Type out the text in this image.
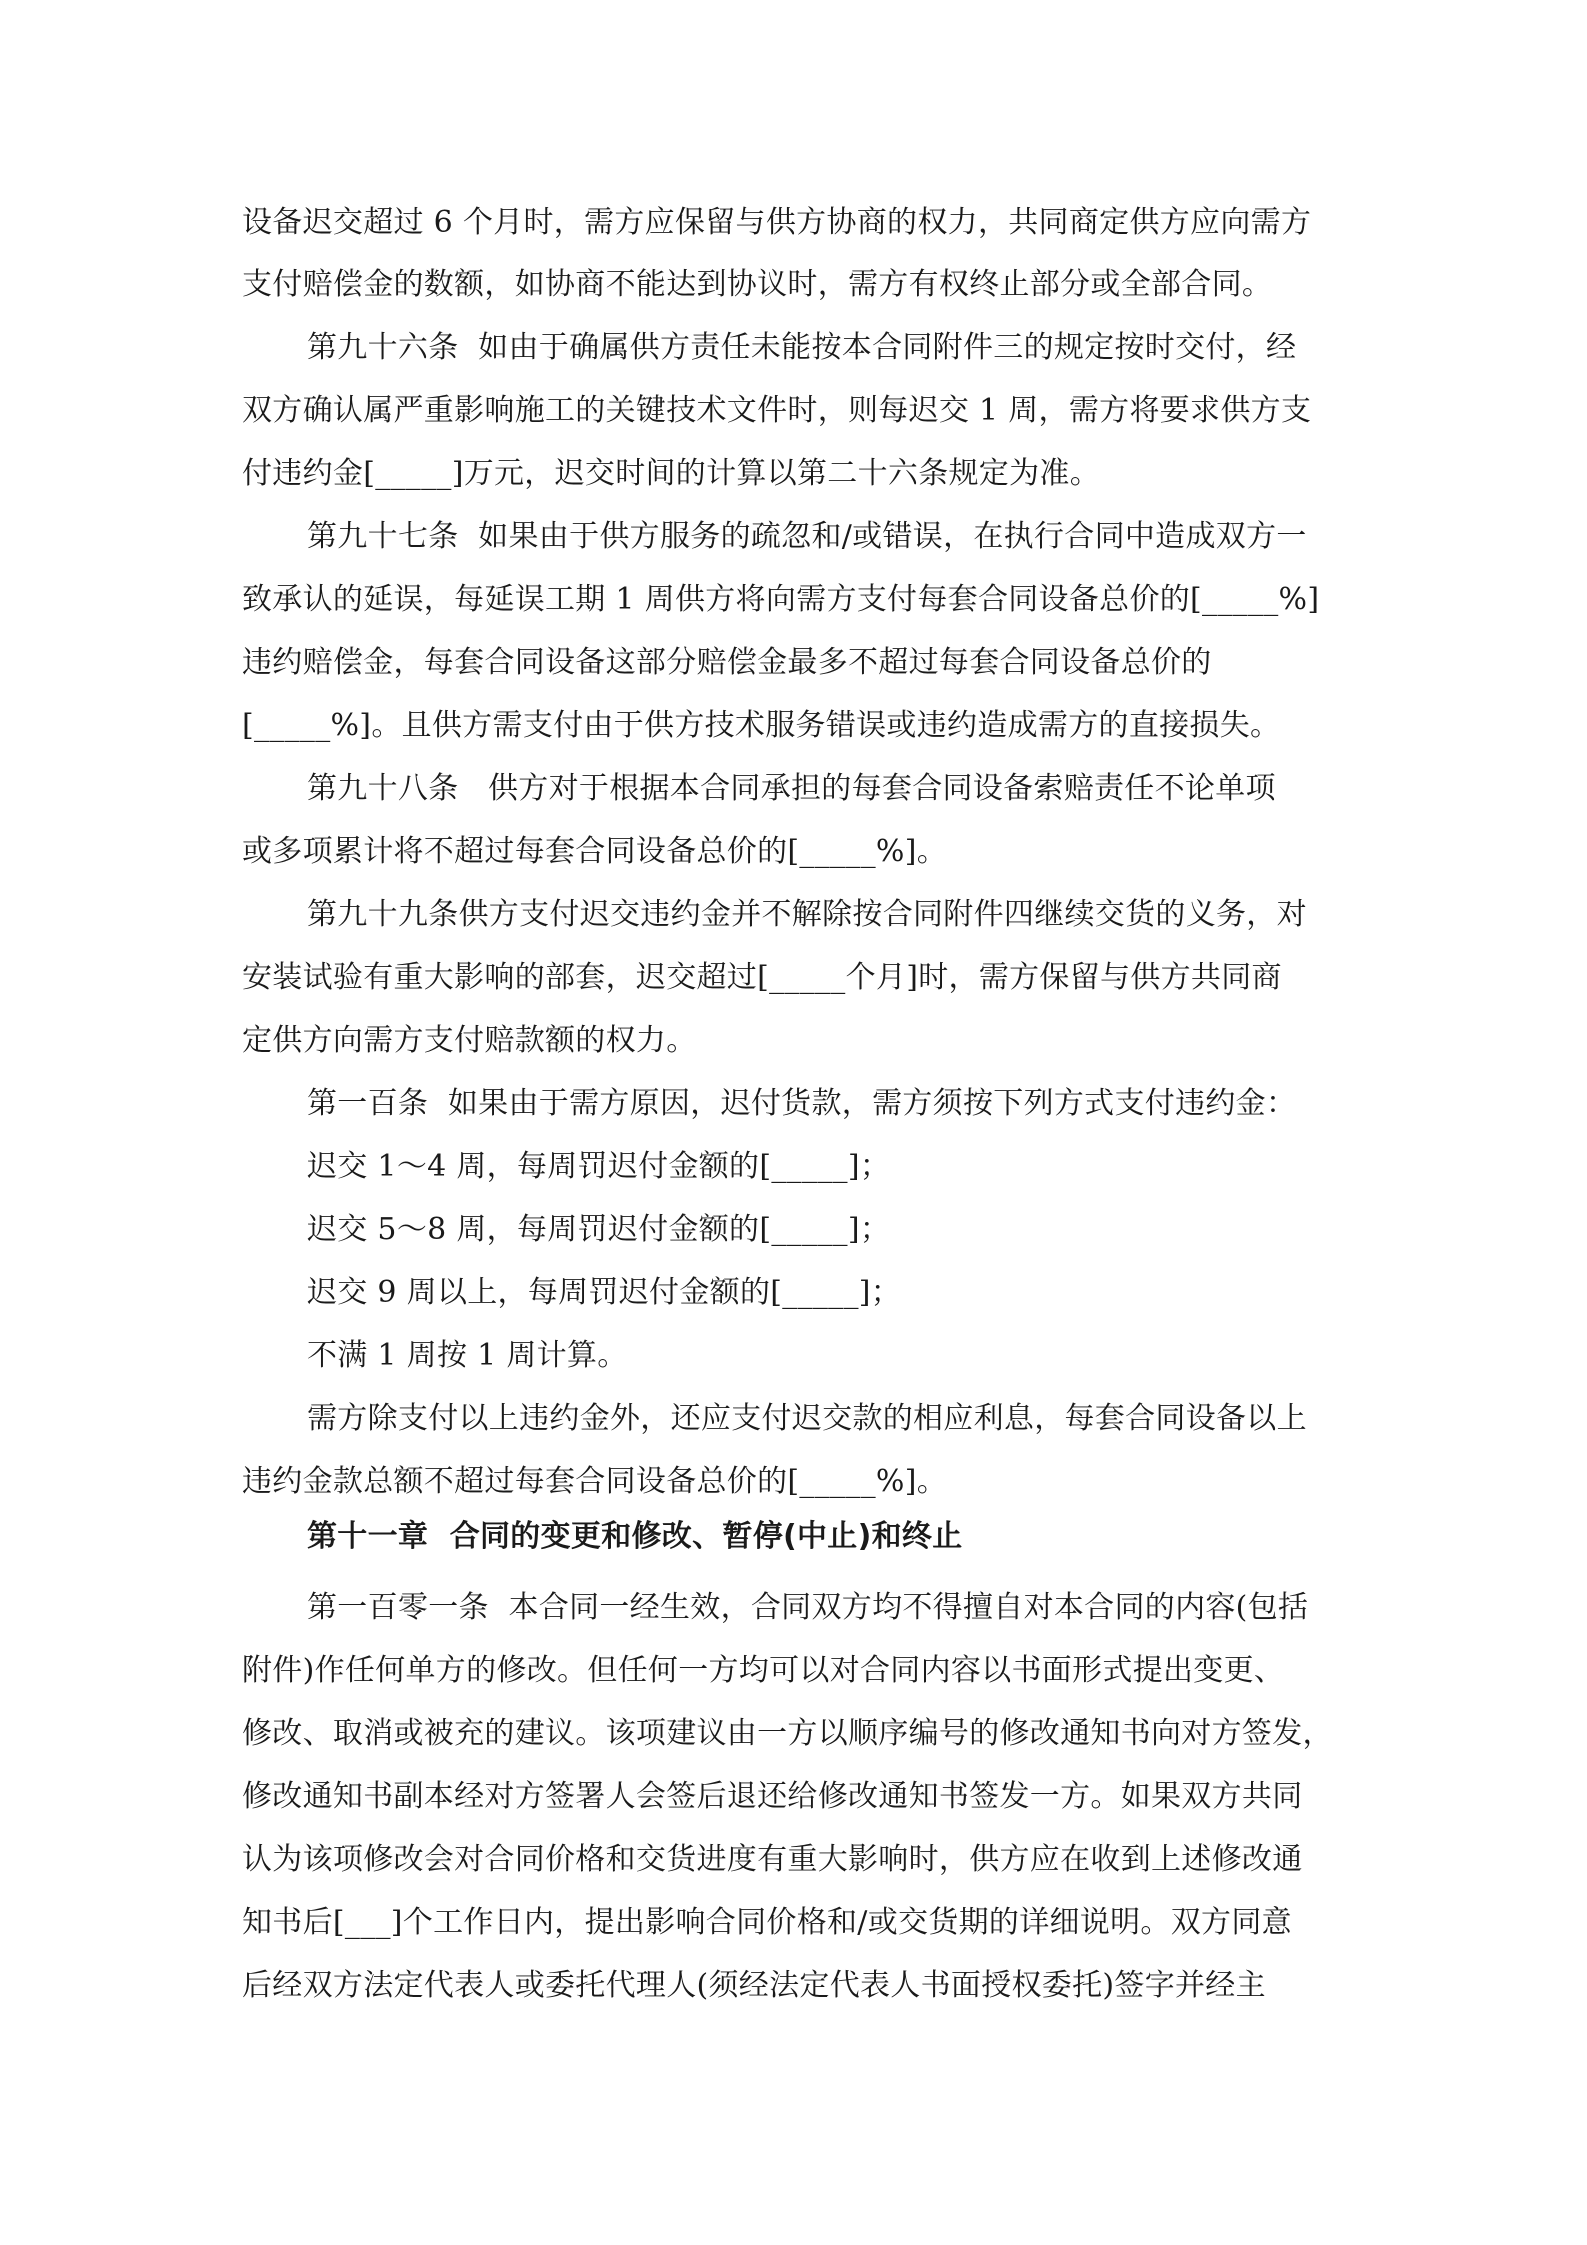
设备迟交超过 6 个月时，需方应保留与供方协商的权力，共同商定供方应向需方
支付赔偿金的数额，如协商不能达到协议时，需方有权终止部分或全部合同。
第九十六条  如由于确属供方责任未能按本合同附件三的规定按时交付，经
双方确认属严重影响施工的关键技术文件时，则每迟交 1 周，需方将要求供方支
付违约金[_____]万元，迟交时间的计算以第二十六条规定为准。
第九十七条  如果由于供方服务的疏忽和/或错误，在执行合同中造成双方一
致承认的延误，每延误工期 1 周供方将向需方支付每套合同设备总价的[_____%]
违约赔偿金，每套合同设备这部分赔偿金最多不超过每套合同设备总价的
[_____%]。且供方需支付由于供方技术服务错误或违约造成需方的直接损失。
第九十八条   供方对于根据本合同承担的每套合同设备索赔责任不论单项
或多项累计将不超过每套合同设备总价的[_____%]。
第九十九条供方支付迟交违约金并不解除按合同附件四继续交货的义务，对
安装试验有重大影响的部套，迟交超过[_____个月]时，需方保留与供方共同商
定供方向需方支付赔款额的权力。
第一百条  如果由于需方原因，迟付货款，需方须按下列方式支付违约金：
迟交 1～4 周，每周罚迟付金额的[_____]；
迟交 5～8 周，每周罚迟付金额的[_____]；
迟交 9 周以上，每周罚迟付金额的[_____]；
不满 1 周按 1 周计算。
需方除支付以上违约金外，还应支付迟交款的相应利息，每套合同设备以上
违约金款总额不超过每套合同设备总价的[_____%]。
第十一章  合同的变更和修改、暂停(中止)和终止
第一百零一条  本合同一经生效，合同双方均不得擅自对本合同的内容(包括
附件)作任何单方的修改。但任何一方均可以对合同内容以书面形式提出变更、
修改、取消或被充的建议。该项建议由一方以顺序编号的修改通知书向对方签发，
修改通知书副本经对方签署人会签后退还给修改通知书签发一方。如果双方共同
认为该项修改会对合同价格和交货进度有重大影响时，供方应在收到上述修改通
知书后[___]个工作日内，提出影响合同价格和/或交货期的详细说明。双方同意
后经双方法定代表人或委托代理人(须经法定代表人书面授权委托)签字并经主
